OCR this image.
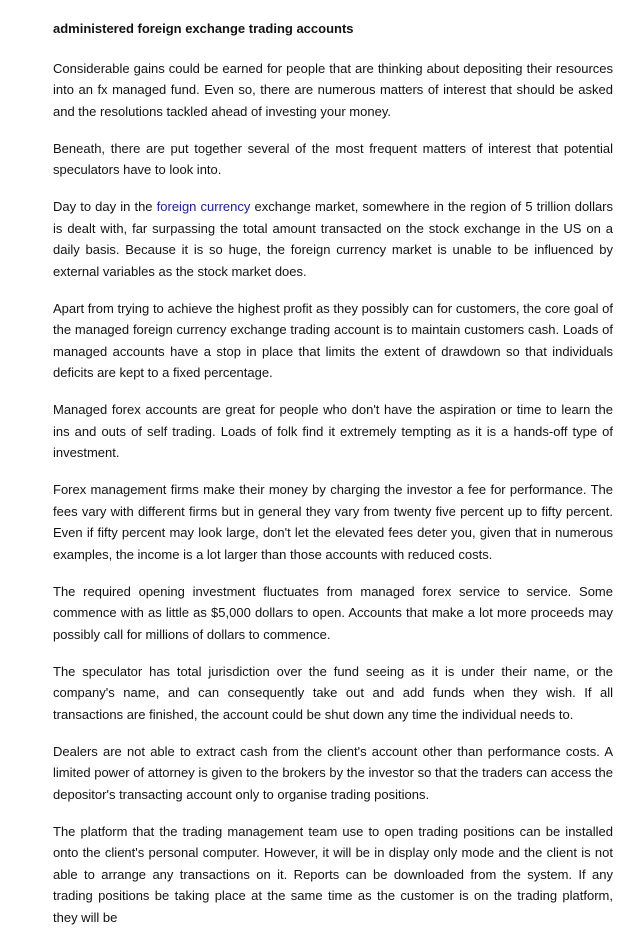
administered foreign exchange trading accounts

Considerable gains could be earned for people that are thinking about depositing their resources into an fx managed fund. Even so, there are numerous matters of interest that should be asked and the resolutions tackled ahead of investing your money.

Beneath, there are put together several of the most frequent matters of interest that potential speculators have to look into.

Day to day in the foreign currency exchange market, somewhere in the region of 5 trillion dollars is dealt with, far surpassing the total amount transacted on the stock exchange in the US on a daily basis. Because it is so huge, the foreign currency market is unable to be influenced by external variables as the stock market does.

Apart from trying to achieve the highest profit as they possibly can for customers, the core goal of the managed foreign currency exchange trading account is to maintain customers cash. Loads of managed accounts have a stop in place that limits the extent of drawdown so that individuals deficits are kept to a fixed percentage.

Managed forex accounts are great for people who don't have the aspiration or time to learn the ins and outs of self trading. Loads of folk find it extremely tempting as it is a hands-off type of investment.

Forex management firms make their money by charging the investor a fee for performance. The fees vary with different firms but in general they vary from twenty five percent up to fifty percent. Even if fifty percent may look large, don't let the elevated fees deter you, given that in numerous examples, the income is a lot larger than those accounts with reduced costs.

The required opening investment fluctuates from managed forex service to service. Some commence with as little as $5,000 dollars to open. Accounts that make a lot more proceeds may possibly call for millions of dollars to commence.

The speculator has total jurisdiction over the fund seeing as it is under their name, or the company's name, and can consequently take out and add funds when they wish. If all transactions are finished, the account could be shut down any time the individual needs to.

Dealers are not able to extract cash from the client's account other than performance costs. A limited power of attorney is given to the brokers by the investor so that the traders can access the depositor's transacting account only to organise trading positions.

The platform that the trading management team use to open trading positions can be installed onto the client's personal computer. However, it will be in display only mode and the client is not able to arrange any transactions on it. Reports can be downloaded from the system. If any trading positions be taking place at the same time as the customer is on the trading platform, they will be
